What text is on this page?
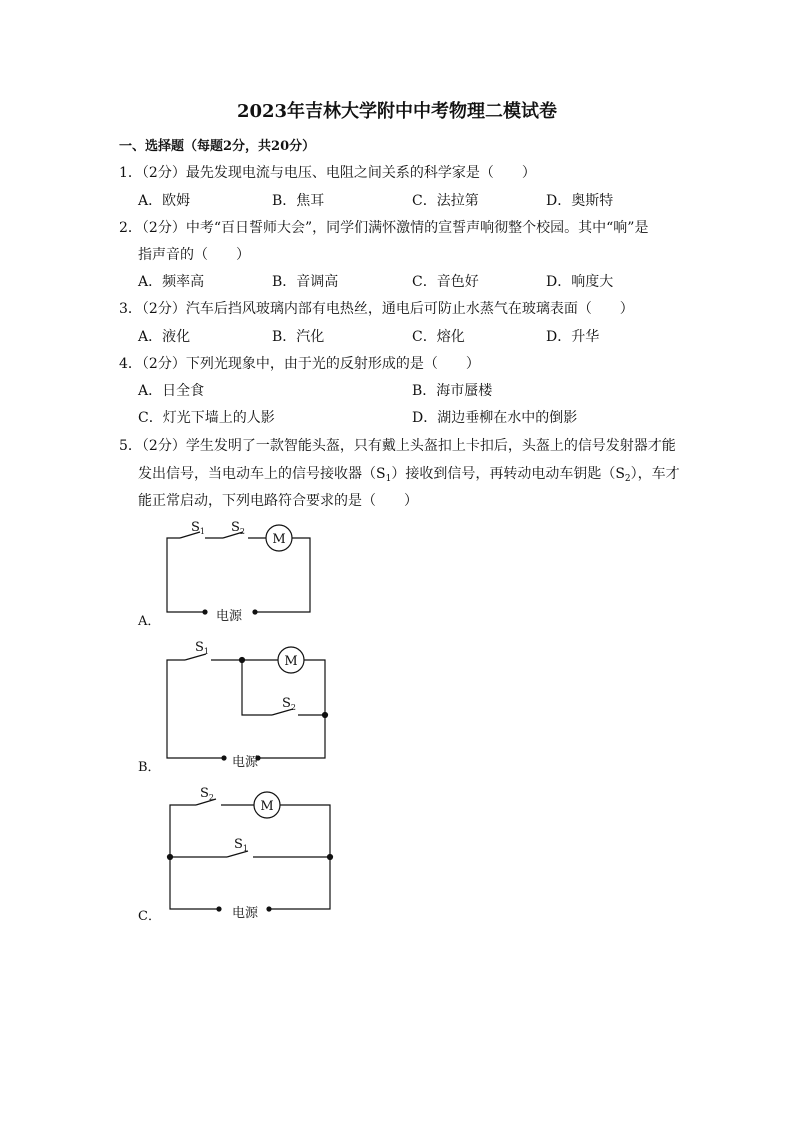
2023年吉林大学附中中考物理二模试卷
一、选择题（每题2分，共20分）
1．（2分）最先发现电流与电压、电阻之间关系的科学家是（　　）
A．欧姆	B．焦耳	C．法拉第	D．奥斯特
2．（2分）中考“百日誓师大会”，同学们满怀激情的宣誓声响彻整个校园。其中“响”是
指声音的（　　）
A．频率高	B．音调高	C．音色好	D．响度大
3．（2分）汽车后挡风玻璃内部有电热丝，通电后可防止水蒸气在玻璃表面（　　）
A．液化	B．汽化	C．熔化	D．升华
4．（2分）下列光现象中，由于光的反射形成的是（　　）
A．日全食	B．海市蜃楼
C．灯光下墙上的人影	D．湖边垂柳在水中的倒影
5．（2分）学生发明了一款智能头盔，只有戴上头盔扣上卡扣后，头盔上的信号发射器才能
发出信号，当电动车上的信号接收器$(S_1)$接收到信号，再转动电动车钥匙$(S_2)$，车才
能正常启动，下列电路符合要求的是（　　）
$S_1$ $S_2$
M
电源
A．
$S_1$
M
$S_2$
电源
B．
$S_2$
M
$S_1$
电源
C．
